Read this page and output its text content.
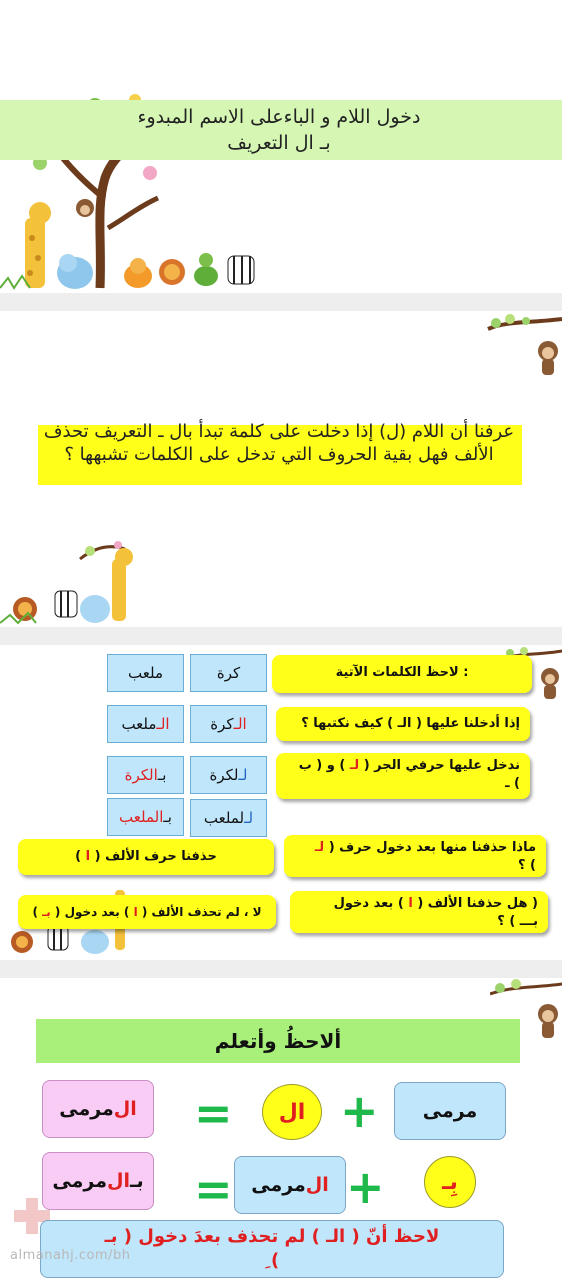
دخول اللام و الباءعلى الاسم المبدوء
بـ ال التعريف
عرفنا أن اللام (ل) إذا دخلت على كلمة تبدأ بال ـ التعريف تحذف الألف فهل بقية الحروف التي تدخل على الكلمات تشبهها ؟
: لاحظ الكلمات الآتية
إذا أدخلنا عليها ( الـ ) كيف نكتبها ؟
ندخل عليها حرفي الجر ( لـ ) و ( ب
) ـ
ماذا حذفنا منها بعد دخول حرف ( لـ
) ؟
( هل حذفنا الألف ( ا ) بعد دخول
بـــ ) ؟
حذفنا حرف الألف ( ا )
لا ، لم تحذف الألف ( ا ) بعد دخول ( بـ )
كرة
ملعب
الـ
كرة
الـ
ملعب
لـ
لكرة
بـ
الكرة
لـ
لملعب
بـ
الملعب
ألاحظُ وأتعلم
مرمى
+
ال
=
ال
مرمى
بِـ
+
ال
مرمى
=
بـ
ال
مرمى
لاحظ أنّ ( الـ ) لم تحذف بعدَ دخول ( بـ
) ِ
almanahj.com/bh
